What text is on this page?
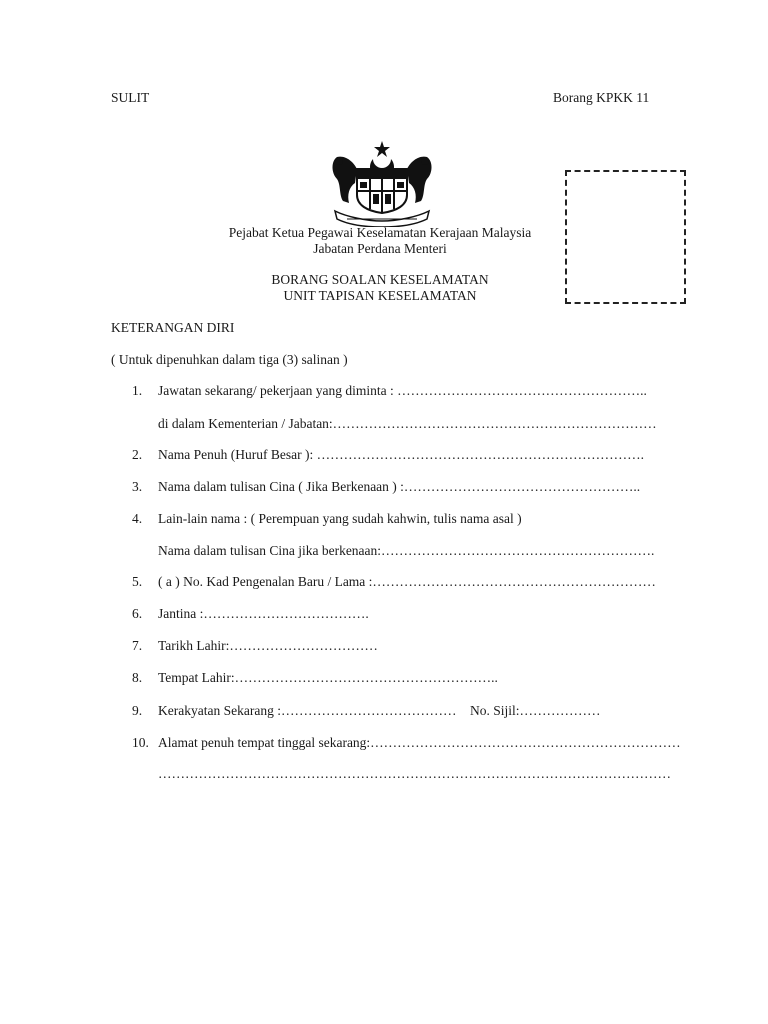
SULIT	Borang KPKK 11
Pejabat Ketua Pegawai Keselamatan Kerajaan Malaysia
Jabatan Perdana Menteri
BORANG SOALAN KESELAMATAN
UNIT TAPISAN KESELAMATAN
KETERANGAN DIRI
( Untuk dipenuhkan dalam tiga (3) salinan )
1. Jawatan sekarang/ pekerjaan yang diminta : ………………………………………………..
di dalam Kementerian / Jabatan:………………………………………………………………
2. Nama Penuh (Huruf Besar ): ……………………………………………………………….
3. Nama dalam tulisan Cina ( Jika Berkenaan ) :……………………………………………..
4. Lain-lain nama : ( Perempuan yang sudah kahwin, tulis nama asal )
Nama dalam tulisan Cina jika berkenaan:…………………………………………………….
5. ( a ) No. Kad Pengenalan Baru / Lama :………………………………………………………
6. Jantina :……………………………….
7. Tarikh Lahir:……………………………
8. Tempat Lahir:…………………………………………………..
9. Kerakyatan Sekarang :…………………………………    No. Sijil:………………
10. Alamat penuh tempat tinggal sekarang:……………………………………………………………
……………………………………………………………………………………………………
